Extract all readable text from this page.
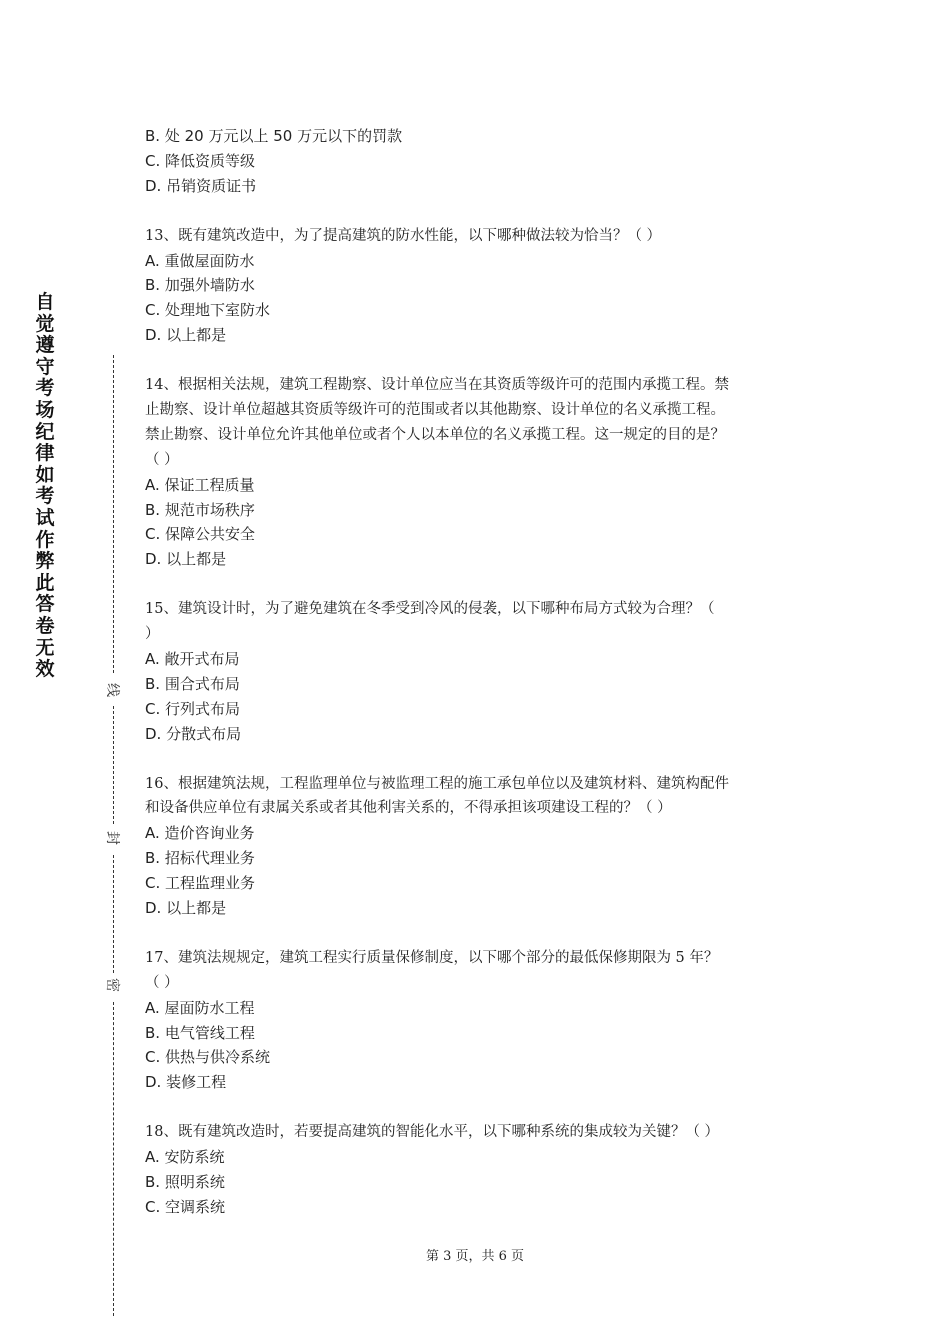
自觉遵守考场纪律如考试作弊此答卷无效
线
封
密
B. 处 20 万元以上 50 万元以下的罚款
C. 降低资质等级
D. 吊销资质证书
13、既有建筑改造中，为了提高建筑的防水性能，以下哪种做法较为恰当？（ ）
A. 重做屋面防水
B. 加强外墙防水
C. 处理地下室防水
D. 以上都是
14、根据相关法规，建筑工程勘察、设计单位应当在其资质等级许可的范围内承揽工程。禁
止勘察、设计单位超越其资质等级许可的范围或者以其他勘察、设计单位的名义承揽工程。
禁止勘察、设计单位允许其他单位或者个人以本单位的名义承揽工程。这一规定的目的是？
（ ）
A. 保证工程质量
B. 规范市场秩序
C. 保障公共安全
D. 以上都是
15、建筑设计时，为了避免建筑在冬季受到冷风的侵袭，以下哪种布局方式较为合理？（
）
A. 敞开式布局
B. 围合式布局
C. 行列式布局
D. 分散式布局
16、根据建筑法规，工程监理单位与被监理工程的施工承包单位以及建筑材料、建筑构配件
和设备供应单位有隶属关系或者其他利害关系的，不得承担该项建设工程的？（ ）
A. 造价咨询业务
B. 招标代理业务
C. 工程监理业务
D. 以上都是
17、建筑法规规定，建筑工程实行质量保修制度，以下哪个部分的最低保修期限为 5 年？
（ ）
A. 屋面防水工程
B. 电气管线工程
C. 供热与供冷系统
D. 装修工程
18、既有建筑改造时，若要提高建筑的智能化水平，以下哪种系统的集成较为关键？（ ）
A. 安防系统
B. 照明系统
C. 空调系统
第 3 页，共 6 页
